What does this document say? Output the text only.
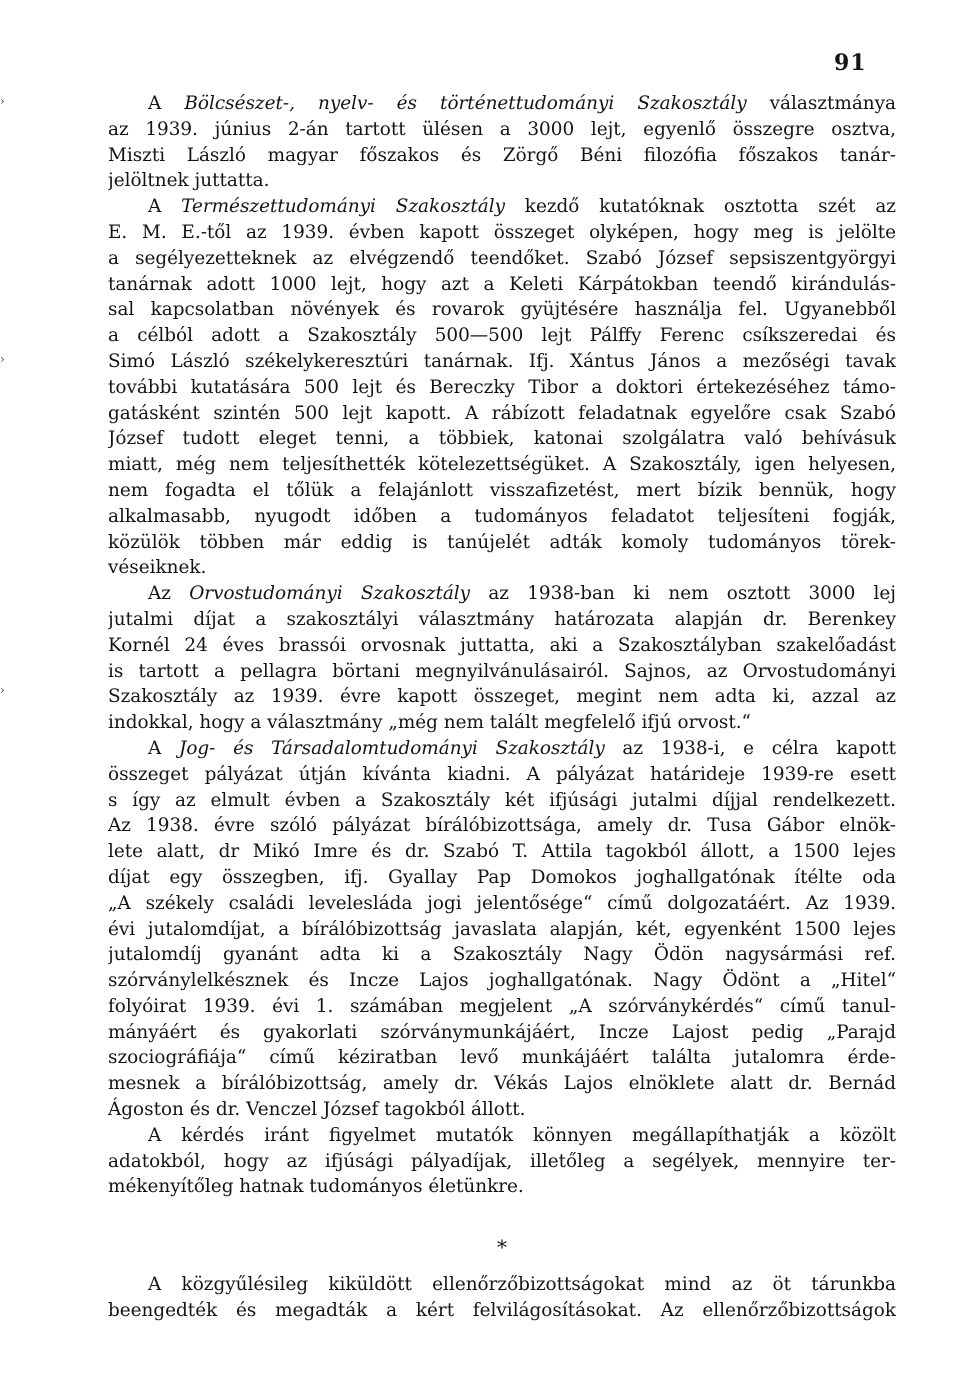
91
›
›
›
A Bölcsészet-, nyelv- és történettudományi Szakosztály választmánya
az 1939. június 2-án tartott ülésen a 3000 lejt, egyenlő összegre osztva,
Miszti László magyar főszakos és Zörgő Béni filozófia főszakos tanár-
jelöltnek juttatta.
A Természettudományi Szakosztály kezdő kutatóknak osztotta szét az
E. M. E.-től az 1939. évben kapott összeget olyképen, hogy meg is jelölte
a segélyezetteknek az elvégzendő teendőket. Szabó József sepsiszentgyörgyi
tanárnak adott 1000 lejt, hogy azt a Keleti Kárpátokban teendő kirándulás-
sal kapcsolatban növények és rovarok gyüjtésére használja fel. Ugyanebből
a célból adott a Szakosztály 500—500 lejt Pálffy Ferenc csíkszeredai és
Simó László székelykeresztúri tanárnak. Ifj. Xántus János a mezőségi tavak
további kutatására 500 lejt és Bereczky Tibor a doktori értekezéséhez támo-
gatásként szintén 500 lejt kapott. A rábízott feladatnak egyelőre csak Szabó
József tudott eleget tenni, a többiek, katonai szolgálatra való behívásuk
miatt, még nem teljesíthették kötelezettségüket. A Szakosztály, igen helyesen,
nem fogadta el tőlük a felajánlott visszafizetést, mert bízik bennük, hogy
alkalmasabb, nyugodt időben a tudományos feladatot teljesíteni fogják,
közülök többen már eddig is tanújelét adták komoly tudományos törek-
véseiknek.
Az Orvostudományi Szakosztály az 1938-ban ki nem osztott 3000 lej
jutalmi díjat a szakosztályi választmány határozata alapján dr. Berenkey
Kornél 24 éves brassói orvosnak juttatta, aki a Szakosztályban szakelőadást
is tartott a pellagra börtani megnyilvánulásairól. Sajnos, az Orvostudományi
Szakosztály az 1939. évre kapott összeget, megint nem adta ki, azzal az
indokkal, hogy a választmány „még nem talált megfelelő ifjú orvost.“
A Jog- és Társadalomtudományi Szakosztály az 1938-i, e célra kapott
összeget pályázat útján kívánta kiadni. A pályázat határideje 1939-re esett
s így az elmult évben a Szakosztály két ifjúsági jutalmi díjjal rendelkezett.
Az 1938. évre szóló pályázat bírálóbizottsága, amely dr. Tusa Gábor elnök-
lete alatt, dr Mikó Imre és dr. Szabó T. Attila tagokból állott, a 1500 lejes
díjat egy összegben, ifj. Gyallay Pap Domokos joghallgatónak ítélte oda
„A székely családi levelesláda jogi jelentősége“ című dolgozatáért. Az 1939.
évi jutalomdíjat, a bírálóbizottság javaslata alapján, két, egyenként 1500 lejes
jutalomdíj gyanánt adta ki a Szakosztály Nagy Ödön nagysármási ref.
szórványlelkésznek és Incze Lajos joghallgatónak. Nagy Ödönt a „Hitel“
folyóirat 1939. évi 1. számában megjelent „A szórványkérdés“ című tanul-
mányáért és gyakorlati szórványmunkájáért, Incze Lajost pedig „Parajd
szociográfiája“ című kéziratban levő munkájáért találta jutalomra érde-
mesnek a bírálóbizottság, amely dr. Vékás Lajos elnöklete alatt dr. Bernád
Ágoston és dr. Venczel József tagokból állott.
A kérdés iránt figyelmet mutatók könnyen megállapíthatják a közölt
adatokból, hogy az ifjúsági pályadíjak, illetőleg a segélyek, mennyire ter-
mékenyítőleg hatnak tudományos életünkre.
*
A közgyűlésileg kiküldött ellenőrzőbizottságokat mind az öt tárunkba
beengedték és megadták a kért felvilágosításokat. Az ellenőrzőbizottságok
